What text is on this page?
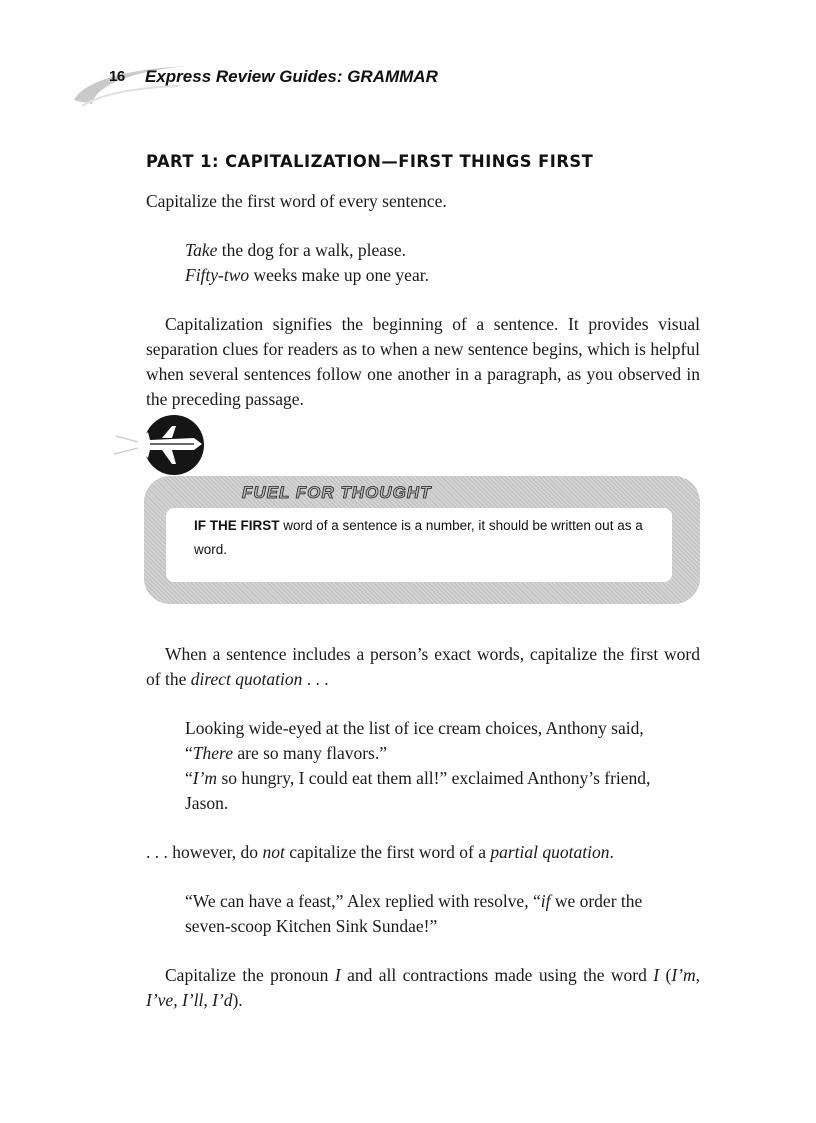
16 Express Review Guides: GRAMMAR
PART 1: CAPITALIZATION—FIRST THINGS FIRST

Capitalize the first word of every sentence.

Take the dog for a walk, please.

Fifty-two weeks make up one year.

Capitalization signifies the beginning of a sentence. It provides visual separation clues for readers as to when a new sentence begins, which is helpful when several sentences follow one another in a paragraph, as you observed in the preceding passage.

FUEL FOR THOUGHT
IF THE FIRST word of a sentence is a number, it should be written out as a word.

When a sentence includes a person’s exact words, capitalize the first word of the direct quotation . . .

Looking wide-eyed at the list of ice cream choices, Anthony said,

“There are so many flavors.”

“I’m so hungry, I could eat them all!” exclaimed Anthony’s friend,

Jason.

. . . however, do not capitalize the first word of a partial quotation.

“We can have a feast,” Alex replied with resolve, “if we order the

seven-scoop Kitchen Sink Sundae!”

Capitalize the pronoun I and all contractions made using the word I (I’m, I’ve, I’ll, I’d).
